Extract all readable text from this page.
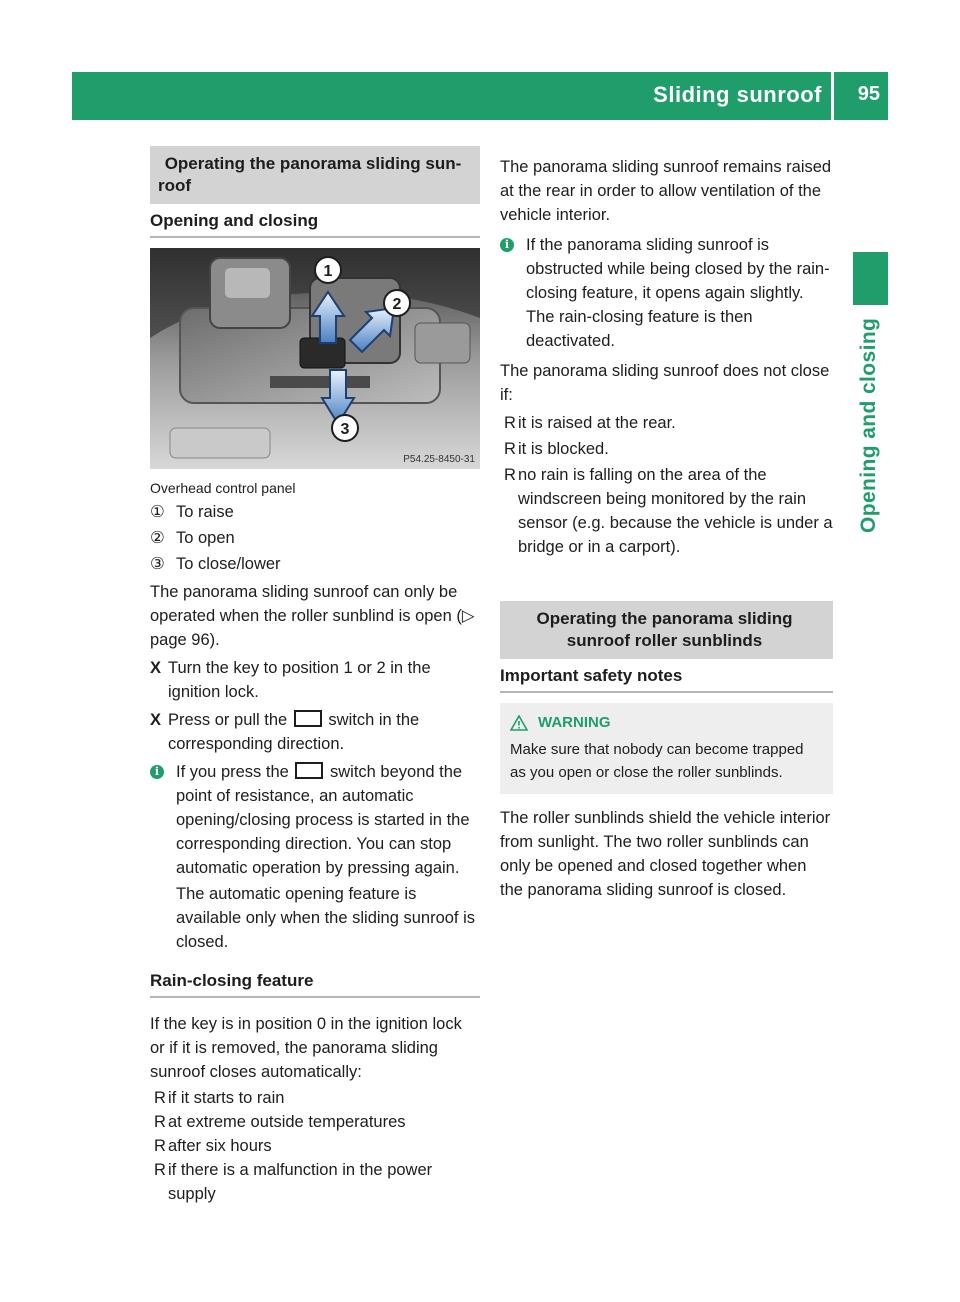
Sliding sunroof 95
Opening and closing
Operating the panorama sliding sun-
roof
Opening and closing
1
2
3
P54.25-8450-31
Overhead control panel
① To raise
② To open
③ To close/lower

The panorama sliding sunroof can only be operated when the roller sunblind is open (▷ page 96).

X Turn the key to position 1 or 2 in the ignition lock.
X Press or pull the switch in the corresponding direction.
i If you press the switch beyond the point of resistance, an automatic opening/closing process is started in the corresponding direction. You can stop automatic operation by pressing again.

The automatic opening feature is available only when the sliding sunroof is closed.

Rain-closing feature

If the key is in position 0 in the ignition lock or if it is removed, the panorama sliding sunroof closes automatically:

R if it starts to rain
R at extreme outside temperatures
R after six hours
R if there is a malfunction in the power supply

The panorama sliding sunroof remains raised at the rear in order to allow ventilation of the vehicle interior.

i If the panorama sliding sunroof is obstructed while being closed by the rain-closing feature, it opens again slightly. The rain-closing feature is then deactivated.

The panorama sliding sunroof does not close if:

R it is raised at the rear.
R it is blocked.
R no rain is falling on the area of the windscreen being monitored by the rain sensor (e.g. because the vehicle is under a bridge or in a carport).
Operating the panorama sliding sunroof roller sunblinds
Important safety notes
WARNING

Make sure that nobody can become trapped as you open or close the roller sunblinds.

The roller sunblinds shield the vehicle interior from sunlight. The two roller sunblinds can only be opened and closed together when the panorama sliding sunroof is closed.
